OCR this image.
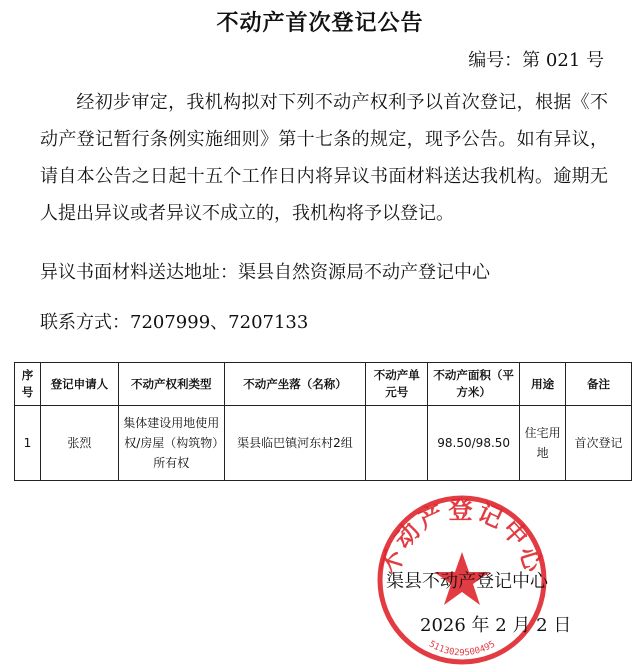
不动产首次登记公告
编号：第 021 号
经初步审定，我机构拟对下列不动产权利予以首次登记，根据《不动产登记暂行条例实施细则》第十七条的规定，现予公告。如有异议，请自本公告之日起十五个工作日内将异议书面材料送达我机构。逾期无人提出异议或者异议不成立的，我机构将予以登记。
异议书面材料送达地址：渠县自然资源局不动产登记中心
联系方式：7207999、7207133
序号	登记申请人	不动产权利类型	不动产坐落（名称）	不动产单元号	不动产面积（平方米）	用途	备注
1	张烈	集体建设用地使用权/房屋（构筑物）所有权	渠县临巴镇河东村2组		98.50/98.50	住宅用地	首次登记
不动产登记中心
5113029500495
渠县不动产登记中心
2026 年 2 月 2 日
